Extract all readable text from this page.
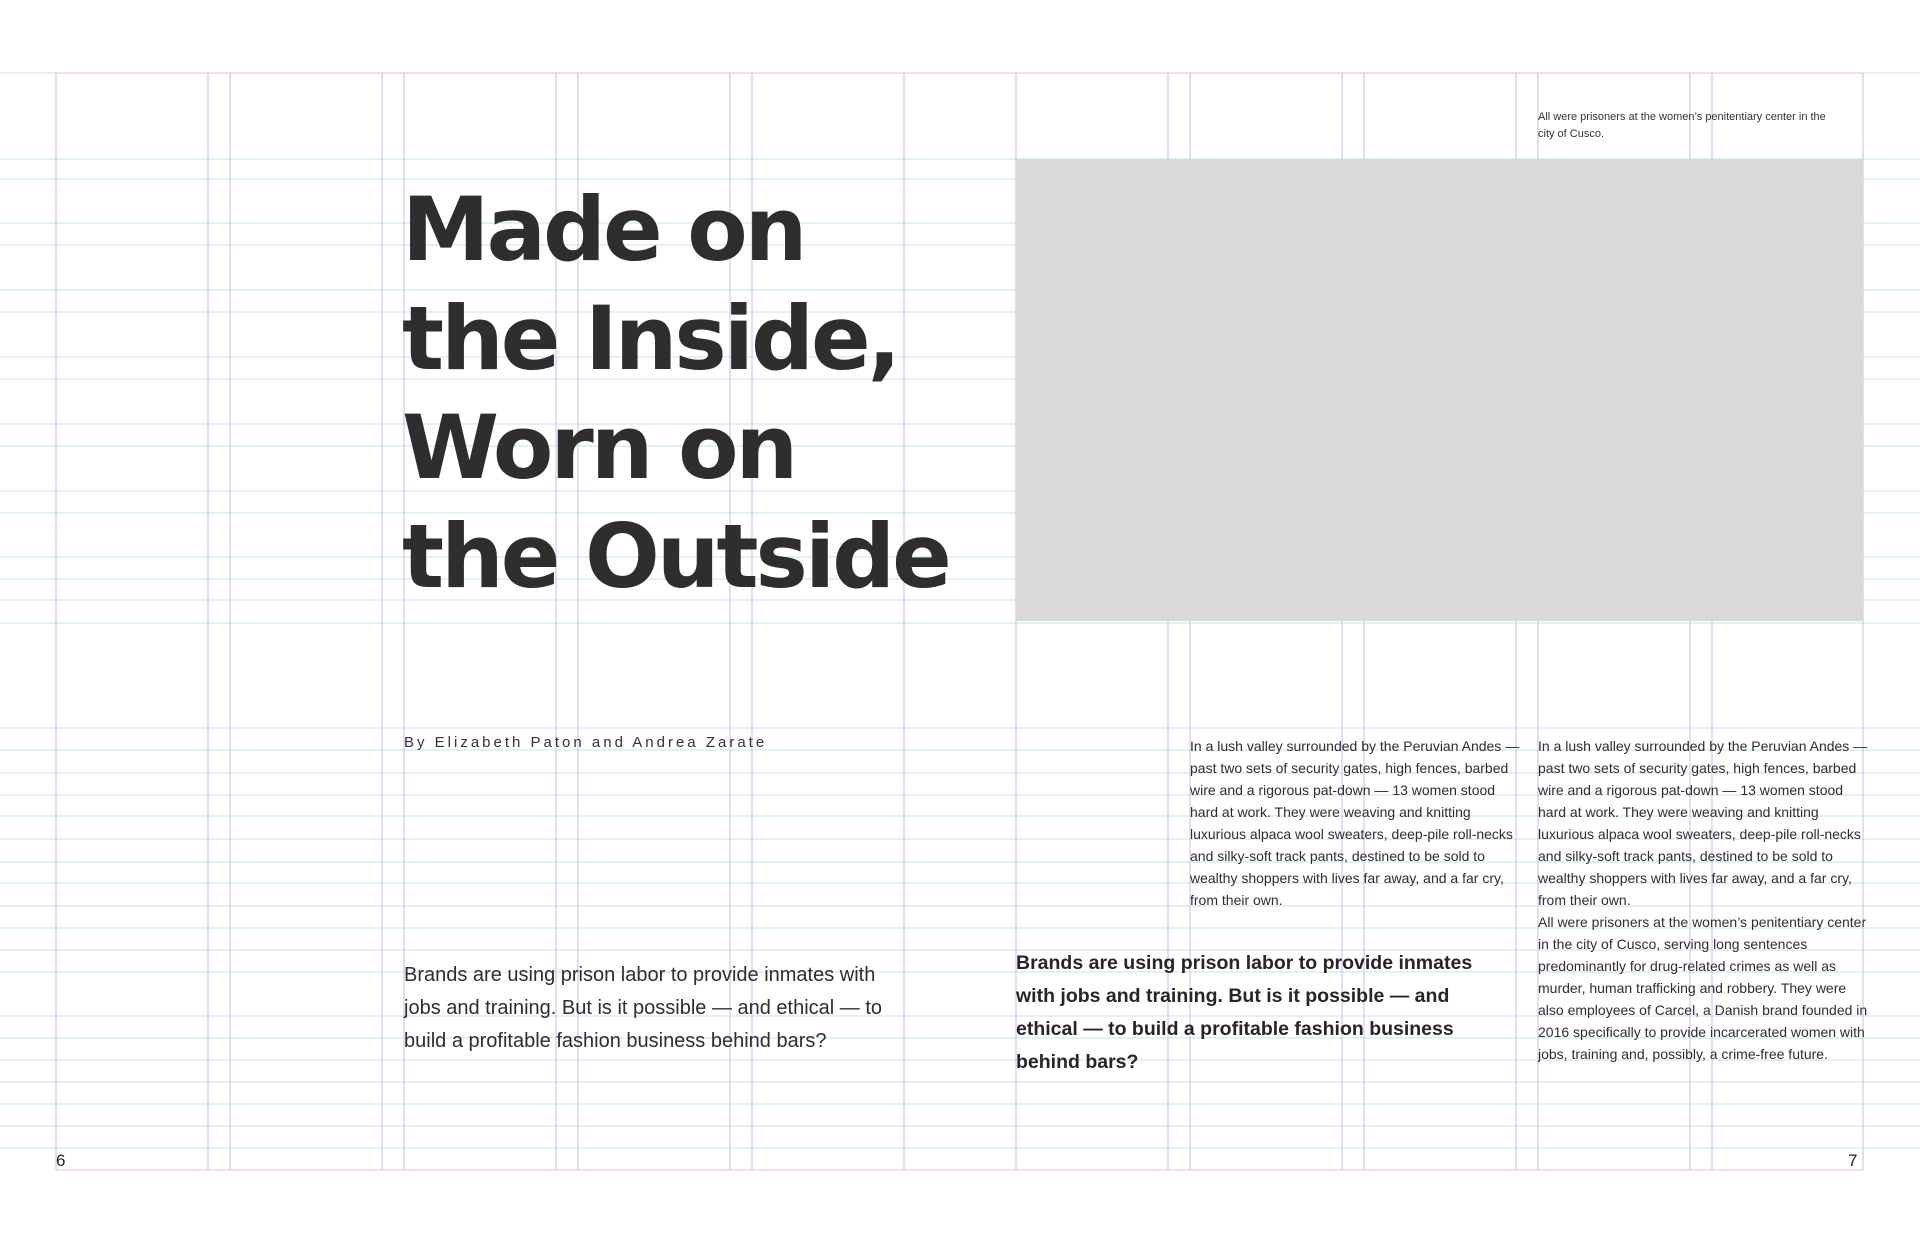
Made on
the Inside,
Worn on
the Outside
By Elizabeth Paton and Andrea Zarate

Brands are using prison labor to provide inmates with jobs and training. But is it possible — and ethical — to build a profitable fashion business behind bars?

6

All were prisoners at the women’s penitentiary center in the city of Cusco.

Brands are using prison labor to provide inmates with jobs and training. But is it possible — and ethical — to build a profitable fashion business behind bars?

In a lush valley surrounded by the Peruvian Andes — past two sets of security gates, high fences, barbed wire and a rigorous pat-down — 13 women stood hard at work. They were weaving and knitting luxurious alpaca wool sweaters, deep-pile roll-necks and silky-soft track pants, destined to be sold to wealthy shoppers with lives far away, and a far cry, from their own.

In a lush valley surrounded by the Peruvian Andes — past two sets of security gates, high fences, barbed wire and a rigorous pat-down — 13 women stood hard at work. They were weaving and knitting luxurious alpaca wool sweaters, deep-pile roll-necks and silky-soft track pants, destined to be sold to wealthy shoppers with lives far away, and a far cry, from their own.

All were prisoners at the women’s penitentiary center in the city of Cusco, serving long sentences predominantly for drug-related crimes as well as murder, human trafficking and robbery. They were also employees of Carcel, a Danish brand founded in 2016 specifically to provide incarcerated women with jobs, training and, possibly, a crime-free future.

7
